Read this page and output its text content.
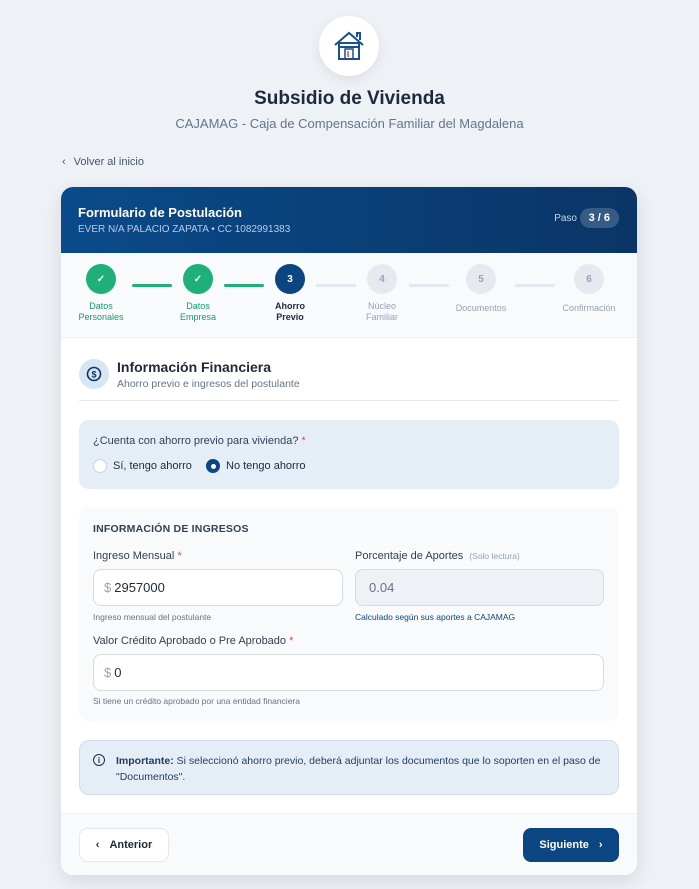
Subsidio de Vivienda
CAJAMAG - Caja de Compensación Familiar del Magdalena
‹ Volver al inicio
Formulario de Postulación
EVER N/A PALACIO ZAPATA • CC 1082991383
Paso	3 / 6
✓
Datos
Personales
✓
Datos
Empresa
3
Ahorro
Previo
4
Núcleo
Familiar
5
Documentos
6
Confirmación
$ Información Financiera
Ahorro previo e ingresos del postulante
¿Cuenta con ahorro previo para vivienda? *
Sí, tengo ahorro	No tengo ahorro
INFORMACIÓN DE INGRESOS
Ingreso Mensual *
$ 2957000
Ingreso mensual del postulante
Porcentaje de Aportes (Solo lectura)
0.04
Calculado según sus aportes a CAJAMAG
Valor Crédito Aprobado o Pre Aprobado *
$ 0
Si tiene un crédito aprobado por una entidad financiera
i	Importante: Si seleccionó ahorro previo, deberá adjuntar los documentos que lo soporten en el paso de "Documentos".
‹ Anterior	Siguiente ›
